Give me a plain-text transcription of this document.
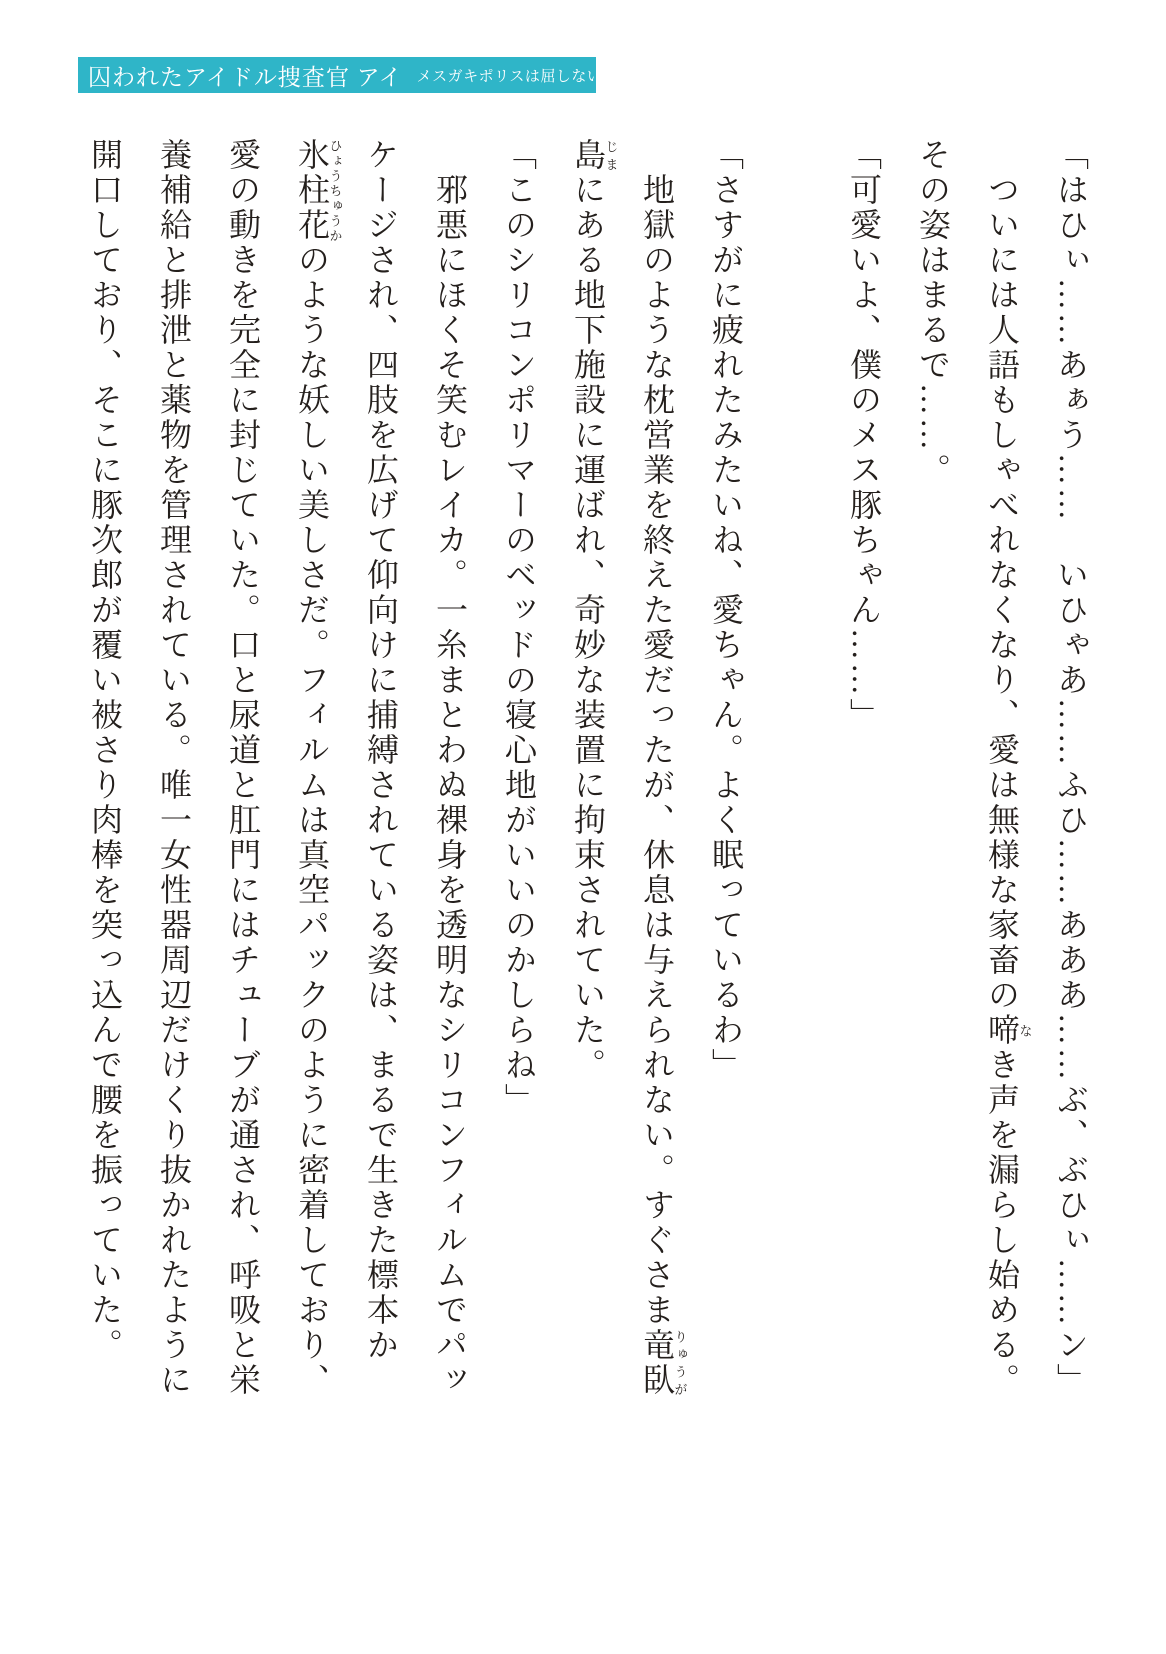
囚われたアイドル捜査官 アイ メスガキポリスは屈しない!
「はひぃ……あぁう……　いひゃあ……ふひ……あああ……ぶ、ぶひぃ……ン」
　ついには人語もしゃべれなくなり、愛は無様な家畜の啼なき声を漏らし始める。
その姿はまるで……。
「可愛いよ、僕のメス豚ちゃん……」

「さすがに疲れたみたいね、愛ちゃん。よく眠っているわ」
　地獄のような枕営業を終えた愛だったが、休息は与えられない。すぐさま竜臥りゅうが
島じまにある地下施設に運ばれ、奇妙な装置に拘束されていた。
「このシリコンポリマーのベッドの寝心地がいいのかしらね」
　邪悪にほくそ笑むレイカ。一糸まとわぬ裸身を透明なシリコンフィルムでパッ
ケージされ、四肢を広げて仰向けに捕縛されている姿は、まるで生きた標本か
氷柱花ひょうちゅうかのような妖しい美しさだ。フィルムは真空パックのように密着しており、
愛の動きを完全に封じていた。口と尿道と肛門にはチューブが通され、呼吸と栄
養補給と排泄と薬物を管理されている。唯一女性器周辺だけくり抜かれたように
開口しており、そこに豚次郎が覆い被さり肉棒を突っ込んで腰を振っていた。
